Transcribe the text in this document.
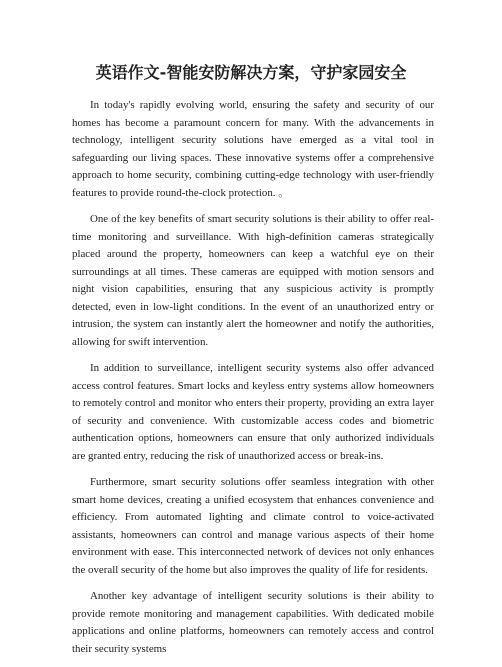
英语作文-智能安防解决方案，守护家园安全

In today's rapidly evolving world, ensuring the safety and security of our homes has become a paramount concern for many. With the advancements in technology, intelligent security solutions have emerged as a vital tool in safeguarding our living spaces. These innovative systems offer a comprehensive approach to home security, combining cutting-edge technology with user-friendly features to provide round-the-clock protection. 。

One of the key benefits of smart security solutions is their ability to offer real-time monitoring and surveillance. With high-definition cameras strategically placed around the property, homeowners can keep a watchful eye on their surroundings at all times. These cameras are equipped with motion sensors and night vision capabilities, ensuring that any suspicious activity is promptly detected, even in low-light conditions. In the event of an unauthorized entry or intrusion, the system can instantly alert the homeowner and notify the authorities, allowing for swift intervention.

In addition to surveillance, intelligent security systems also offer advanced access control features. Smart locks and keyless entry systems allow homeowners to remotely control and monitor who enters their property, providing an extra layer of security and convenience. With customizable access codes and biometric authentication options, homeowners can ensure that only authorized individuals are granted entry, reducing the risk of unauthorized access or break-ins.

Furthermore, smart security solutions offer seamless integration with other smart home devices, creating a unified ecosystem that enhances convenience and efficiency. From automated lighting and climate control to voice-activated assistants, homeowners can control and manage various aspects of their home environment with ease. This interconnected network of devices not only enhances the overall security of the home but also improves the quality of life for residents.

Another key advantage of intelligent security solutions is their ability to provide remote monitoring and management capabilities. With dedicated mobile applications and online platforms, homeowners can remotely access and control their security systems
